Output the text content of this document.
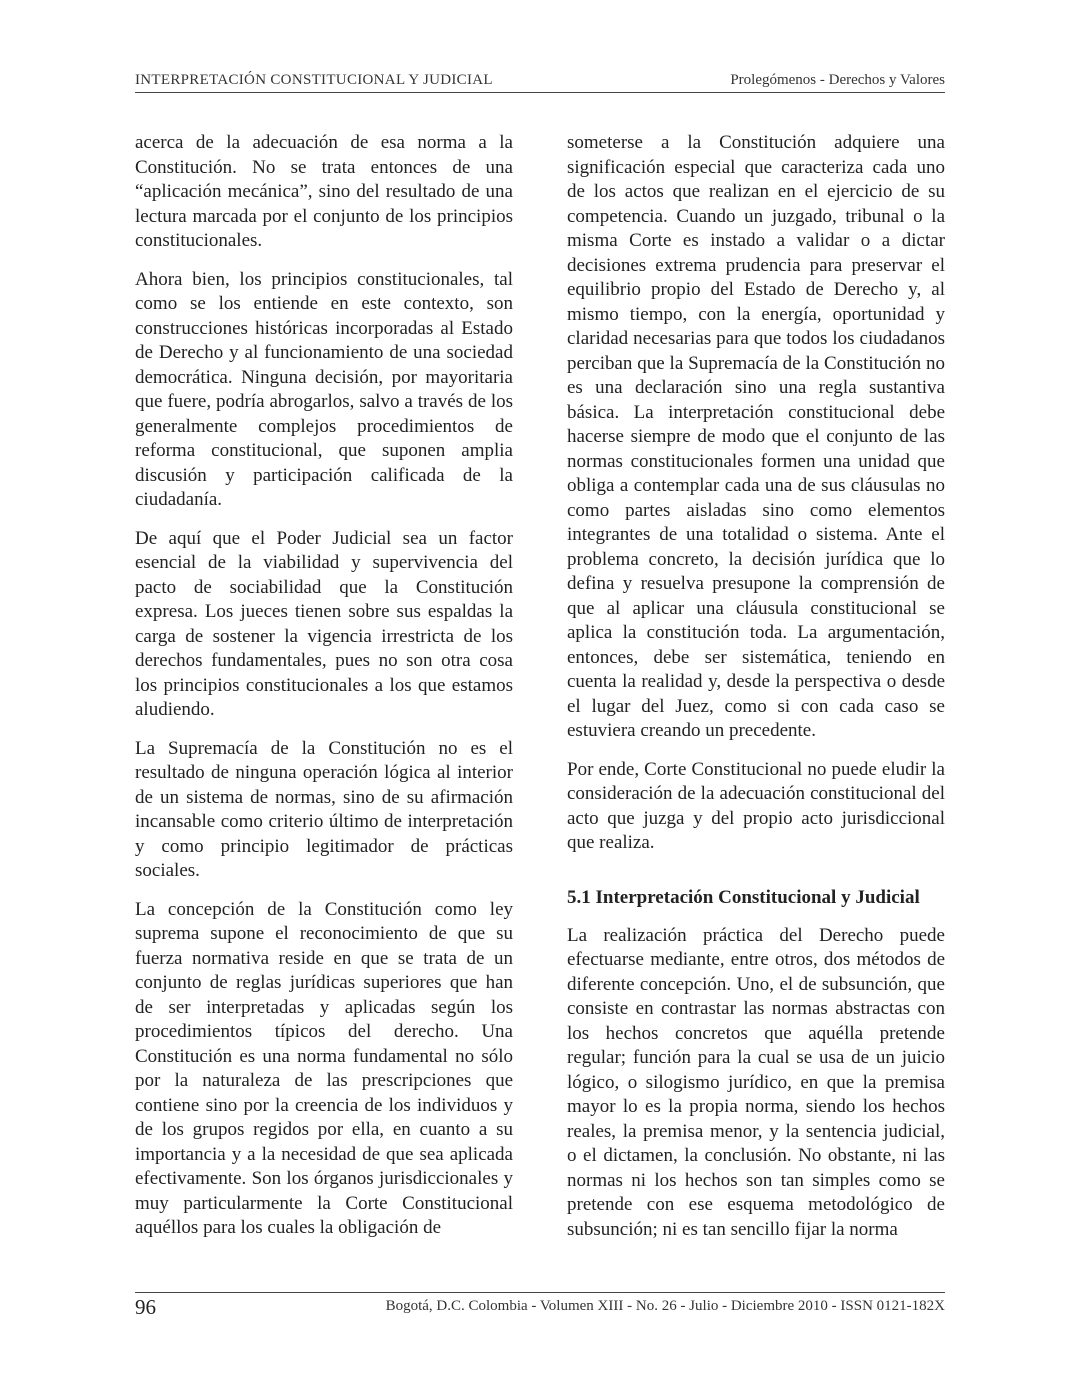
INTERPRETACIÓN CONSTITUCIONAL Y JUDICIAL	Prolegómenos - Derechos y Valores

acerca de la adecuación de esa norma a la Constitución. No se trata entonces de una “aplicación mecánica”, sino del resultado de una lectura marcada por el conjunto de los principios constitucionales.

Ahora bien, los principios constitucionales, tal como se los entiende en este contexto, son construcciones históricas incorporadas al Estado de Derecho y al funcionamiento de una sociedad democrática. Ninguna decisión, por mayoritaria que fuere, podría abrogarlos, salvo a través de los generalmente complejos procedimientos de reforma constitucional, que suponen amplia discusión y participación calificada de la ciudadanía.

De aquí que el Poder Judicial sea un factor esencial de la viabilidad y supervivencia del pacto de sociabilidad que la Constitución expresa. Los jueces tienen sobre sus espaldas la carga de sostener la vigencia irrestricta de los derechos fundamentales, pues no son otra cosa los principios constitucionales a los que estamos aludiendo.

La Supremacía de la Constitución no es el resultado de ninguna operación lógica al interior de un sistema de normas, sino de su afirmación incansable como criterio último de interpretación y como principio legitimador de prácticas sociales.

La concepción de la Constitución como ley suprema supone el reconocimiento de que su fuerza normativa reside en que se trata de un conjunto de reglas jurídicas superiores que han de ser interpretadas y aplicadas según los procedimientos típicos del derecho. Una Constitución es una norma fundamental no sólo por la naturaleza de las prescripciones que contiene sino por la creencia de los individuos y de los grupos regidos por ella, en cuanto a su importancia y a la necesidad de que sea aplicada efectivamente. Son los órganos jurisdiccionales y muy particularmente la Corte Constitucional aquéllos para los cuales la obligación de

someterse a la Constitución adquiere una significación especial que caracteriza cada uno de los actos que realizan en el ejercicio de su competencia. Cuando un juzgado, tribunal o la misma Corte es instado a validar o a dictar decisiones extrema prudencia para preservar el equilibrio propio del Estado de Derecho y, al mismo tiempo, con la energía, oportunidad y claridad necesarias para que todos los ciudadanos perciban que la Supremacía de la Constitución no es una declaración sino una regla sustantiva básica. La interpretación constitucional debe hacerse siempre de modo que el conjunto de las normas constitucionales formen una unidad que obliga a contemplar cada una de sus cláusulas no como partes aisladas sino como elementos integrantes de una totalidad o sistema. Ante el problema concreto, la decisión jurídica que lo defina y resuelva presupone la comprensión de que al aplicar una cláusula constitucional se aplica la constitución toda. La argumentación, entonces, debe ser sistemática, teniendo en cuenta la realidad y, desde la perspectiva o desde el lugar del Juez, como si con cada caso se estuviera creando un precedente.

Por ende, Corte Constitucional no puede eludir la consideración de la adecuación constitucional del acto que juzga y del propio acto jurisdiccional que realiza.

5.1 Interpretación Constitucional y Judicial

La realización práctica del Derecho puede efectuarse mediante, entre otros, dos métodos de diferente concepción. Uno, el de subsunción, que consiste en contrastar las normas abstractas con los hechos concretos que aquélla pretende regular; función para la cual se usa de un juicio lógico, o silogismo jurídico, en que la premisa mayor lo es la propia norma, siendo los hechos reales, la premisa menor, y la sentencia judicial, o el dictamen, la conclusión. No obstante, ni las normas ni los hechos son tan simples como se pretende con ese esquema metodológico de subsunción; ni es tan sencillo fijar la norma

96	Bogotá, D.C. Colombia - Volumen XIII - No. 26 - Julio - Diciembre 2010 - ISSN 0121-182X
